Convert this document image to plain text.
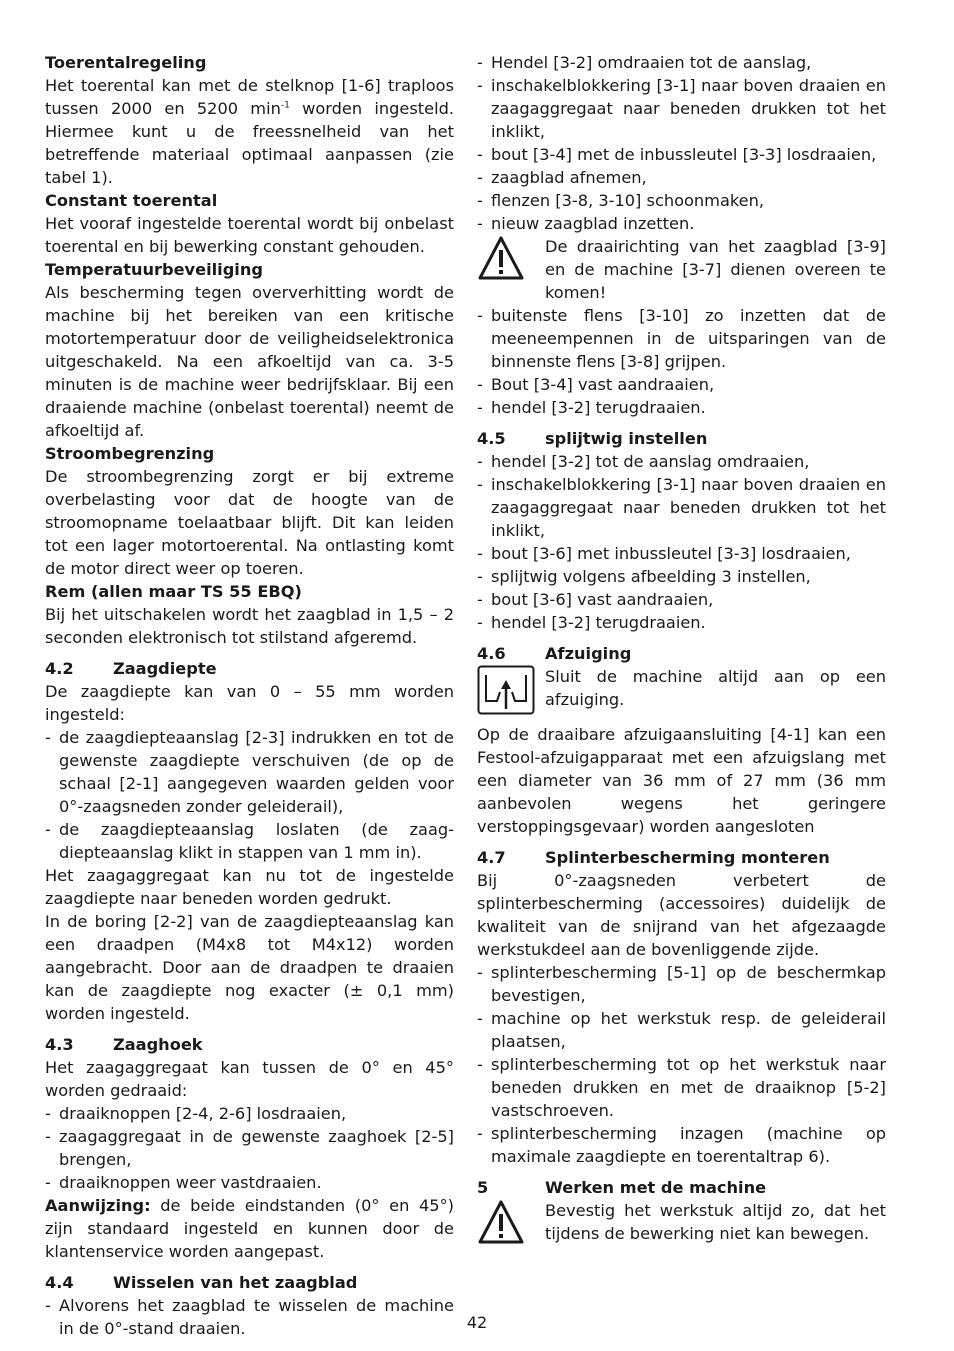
Toerentalregeling

Het toerental kan met de stelknop [1-6] traploos tussen 2000 en 5200 $\min^{-1}$ worden ingesteld. Hiermee kunt u de freessnelheid van het betreffende materiaal optimaal aanpassen (zie tabel 1).

Constant toerental

Het vooraf ingestelde toerental wordt bij onbelast toerental en bij bewerking constant gehouden.

Temperatuurbeveiliging

Als bescherming tegen oververhitting wordt de machine bij het bereiken van een kritische motortemperatuur door de veiligheidselektronica uitgeschakeld. Na een afkoeltijd van ca. 3-5 minuten is de machine weer bedrijfsklaar. Bij een draaiende machine (onbelast toerental) neemt de afkoeltijd af.

Stroombegrenzing

De stroombegrenzing zorgt er bij extreme overbelasting voor dat de hoogte van de stroomopname toelaatbaar blijft. Dit kan leiden tot een lager motortoerental. Na ontlasting komt de motor direct weer op toeren.

Rem (allen maar TS 55 EBQ)

Bij het uitschakelen wordt het zaagblad in 1,5 – 2 seconden elektronisch tot stilstand afgeremd.

4.2	Zaagdiepte

De zaagdiepte kan van 0 – 55 mm worden ingesteld:

- de zaagdiepteaanslag [2-3] indrukken en tot de gewenste zaagdiepte verschuiven (de op de schaal [2-1] aangegeven waarden gelden voor 0°-zaagsneden zonder geleiderail),
- de zaagdiepteaanslag loslaten (de zaag-diepteaanslag klikt in stappen van 1 mm in).

Het zaagaggregaat kan nu tot de ingestelde zaagdiepte naar beneden worden gedrukt.

In de boring [2-2] van de zaagdiepteaanslag kan een draadpen (M4x8 tot M4x12) worden aangebracht. Door aan de draadpen te draaien kan de zaagdiepte nog exacter (± 0,1 mm) worden ingesteld.

4.3	Zaaghoek

Het zaagaggregaat kan tussen de 0° en 45° worden gedraaid:

- draaiknoppen [2-4, 2-6] losdraaien,
- zaagaggregaat in de gewenste zaaghoek [2-5] brengen,
- draaiknoppen weer vastdraaien.

Aanwijzing: de beide eindstanden (0° en 45°) zijn standaard ingesteld en kunnen door de klantenservice worden aangepast.

4.4	Wisselen van het zaagblad
- Alvorens het zaagblad te wisselen de machine in de 0°-stand draaien.
- Hendel [3-2] omdraaien tot de aanslag,
- inschakelblokkering [3-1] naar boven draaien en zaagaggregaat naar beneden drukken tot het inklikt,
- bout [3-4] met de inbussleutel [3-3] losdraaien,
- zaagblad afnemen,
- flenzen [3-8, 3-10] schoonmaken,
- nieuw zaagblad inzetten.
De draairichting van het zaagblad [3-9] en de machine [3-7] dienen overeen te komen!
- buitenste flens [3-10] zo inzetten dat de meeneempennen in de uitsparingen van de binnenste flens [3-8] grijpen.
- Bout [3-4] vast aandraaien,
- hendel [3-2] terugdraaien.
4.5	splijtwig instellen
- hendel [3-2] tot de aanslag omdraaien,
- inschakelblokkering [3-1] naar boven draaien en zaagaggregaat naar beneden drukken tot het inklikt,
- bout [3-6] met inbussleutel [3-3] losdraaien,
- splijtwig volgens afbeelding 3 instellen,
- bout [3-6] vast aandraaien,
- hendel [3-2] terugdraaien.
4.6	Afzuiging
Sluit de machine altijd aan op een afzuiging.

Op de draaibare afzuigaansluiting [4-1] kan een Festool-afzuigapparaat met een afzuigslang met een diameter van 36 mm of 27 mm (36 mm aanbevolen wegens het geringere verstoppingsgevaar) worden aangesloten

4.7	Splinterbescherming monteren

Bij 0°-zaagsneden verbetert de splinterbescherming (accessoires) duidelijk de kwaliteit van de snijrand van het afgezaagde werkstukdeel aan de bovenliggende zijde.

- splinterbescherming [5-1] op de beschermkap bevestigen,
- machine op het werkstuk resp. de geleiderail plaatsen,
- splinterbescherming tot op het werkstuk naar beneden drukken en met de draaiknop [5-2] vastschroeven.
- splinterbescherming inzagen (machine op maximale zaagdiepte en toerentaltrap 6).
5	Werken met de machine
Bevestig het werkstuk altijd zo, dat het tijdens de bewerking niet kan bewegen.
42
